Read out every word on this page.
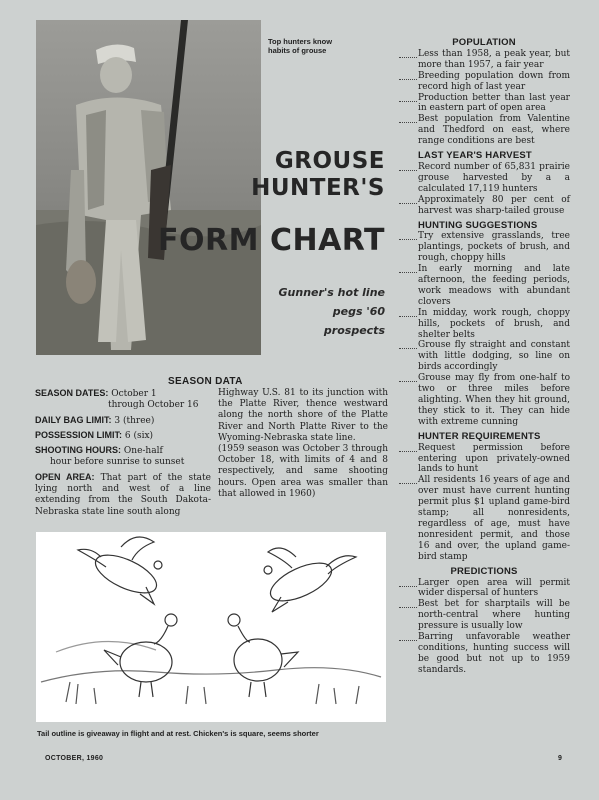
Top hunters know
habits of grouse
GROUSE
HUNTER'S
FORM CHART
Gunner's hot line
pegs '60 prospects
SEASON DATA
SEASON DATES: October 1
through October 16
DAILY BAG LIMIT: 3 (three)
POSSESSION LIMIT: 6 (six)
SHOOTING HOURS: One-half
hour before sunrise to sunset
OPEN AREA: That part of the state lying north and west of a line extending from the South Dakota-Nebraska state line south along
Highway U.S. 81 to its junction with the Platte River, thence westward along the north shore of the Platte River and North Platte River to the Wyoming-Nebraska state line.
(1959 season was October 3 through October 18, with limits of 4 and 8 respectively, and same shooting hours. Open area was smaller than that allowed in 1960)
Tail outline is giveaway in flight and at rest. Chicken's is square, seems shorter
OCTOBER, 1960	9
POPULATION
Less than 1958, a peak year, but more than 1957, a fair year
Breeding population down from record high of last year
Production better than last year in eastern part of open area
Best population from Valentine and Thedford on east, where range conditions are best
LAST YEAR'S HARVEST
Record number of 65,831 prairie grouse harvested by a a calculated 17,119 hunters
Approximately 80 per cent of harvest was sharp-tailed grouse
HUNTING SUGGESTIONS
Try extensive grasslands, tree plantings, pockets of brush, and rough, choppy hills
In early morning and late afternoon, the feeding periods, work meadows with abundant clovers
In midday, work rough, choppy hills, pockets of brush, and shelter belts
Grouse fly straight and constant with little dodging, so line on birds accordingly
Grouse may fly from one-half to two or three miles before alighting. When they hit ground, they stick to it. They can hide with extreme cunning
HUNTER REQUIREMENTS
Request permission before entering upon privately-owned lands to hunt
All residents 16 years of age and over must have current hunting permit plus $1 upland game-bird stamp; all nonresidents, regardless of age, must have nonresident permit, and those 16 and over, the upland game-bird stamp
PREDICTIONS
Larger open area will permit wider dispersal of hunters
Best bet for sharptails will be north-central where hunting pressure is usually low
Barring unfavorable weather conditions, hunting success will be good but not up to 1959 standards.
